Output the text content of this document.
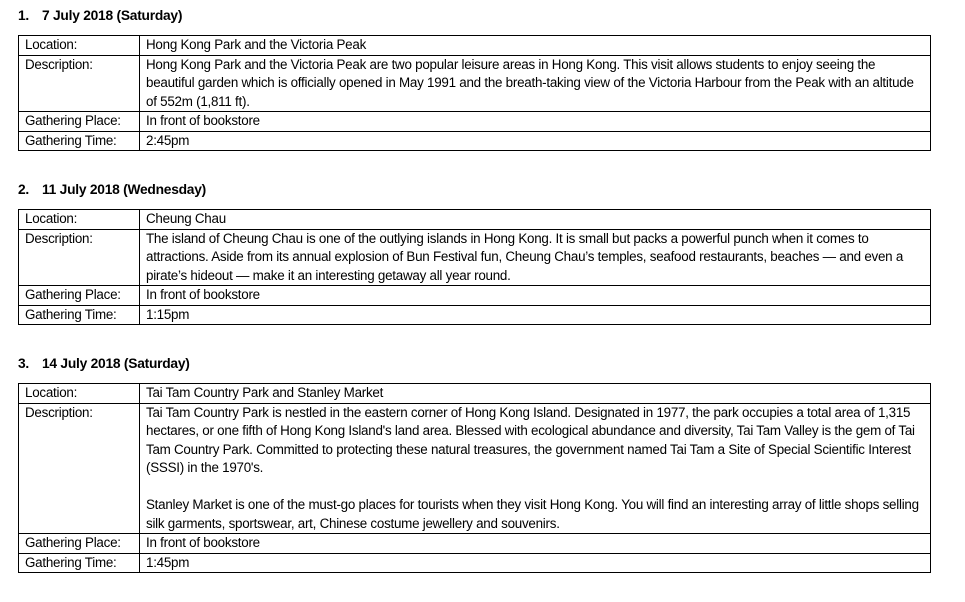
1. 7 July 2018 (Saturday)
Location:	Hong Kong Park and the Victoria Peak
Description:	Hong Kong Park and the Victoria Peak are two popular leisure areas in Hong Kong. This visit allows students to enjoy seeing the beautiful garden which is officially opened in May 1991 and the breath-taking view of the Victoria Harbour from the Peak with an altitude of 552m (1,811 ft).

Gathering Place:	In front of bookstore
Gathering Time:	2:45pm
2. 11 July 2018 (Wednesday)
Location:	Cheung Chau
Description:	The island of Cheung Chau is one of the outlying islands in Hong Kong. It is small but packs a powerful punch when it comes to attractions. Aside from its annual explosion of Bun Festival fun, Cheung Chau’s temples, seafood restaurants, beaches — and even a pirate’s hideout — make it an interesting getaway all year round.

Gathering Place:	In front of bookstore
Gathering Time:	1:15pm
3. 14 July 2018 (Saturday)
Location:	Tai Tam Country Park and Stanley Market
Description:	Tai Tam Country Park is nestled in the eastern corner of Hong Kong Island. Designated in 1977, the park occupies a total area of 1,315 hectares, or one fifth of Hong Kong Island's land area. Blessed with ecological abundance and diversity, Tai Tam Valley is the gem of Tai Tam Country Park. Committed to protecting these natural treasures, the government named Tai Tam a Site of Special Scientific Interest (SSSI) in the 1970's.
Stanley Market is one of the must-go places for tourists when they visit Hong Kong. You will find an interesting array of little shops selling silk garments, sportswear, art, Chinese costume jewellery and souvenirs.

Gathering Place:	In front of bookstore
Gathering Time:	1:45pm
